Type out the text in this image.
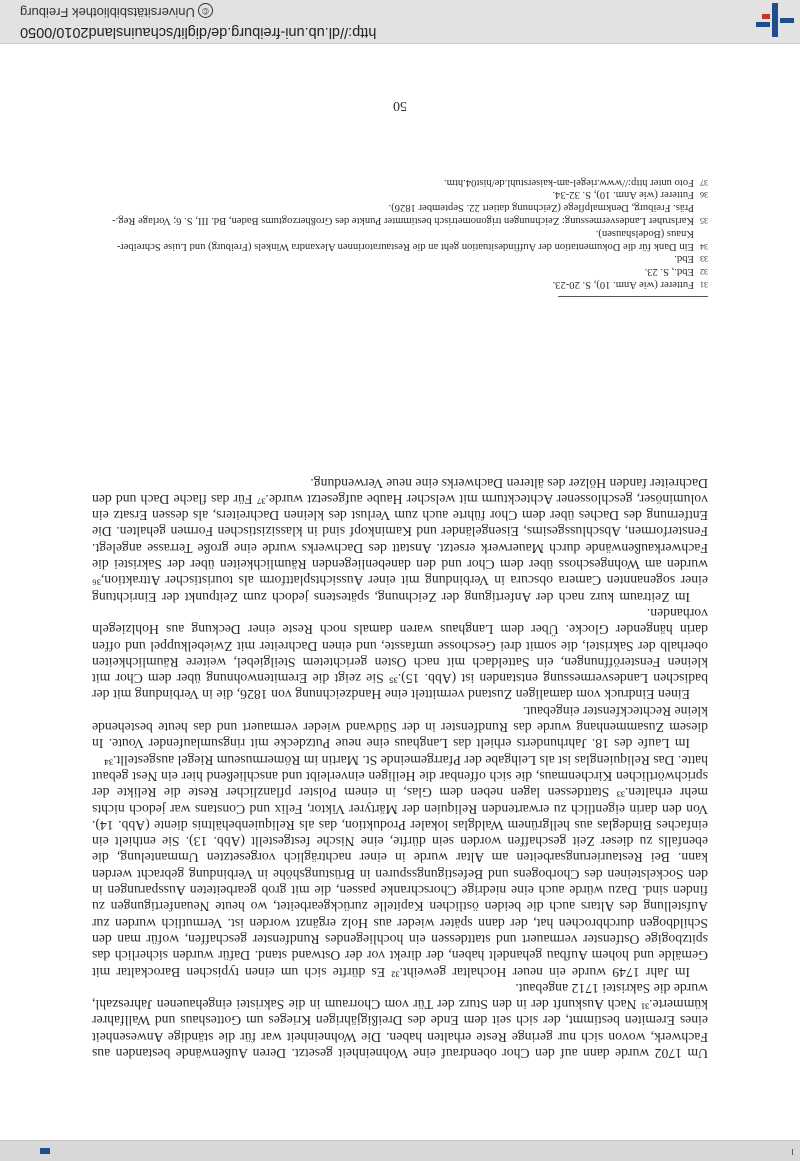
ı

Um 1702 wurde dann auf den Chor obendrauf eine Wohneinheit gesetzt. Deren Außenwände bestanden aus Fachwerk, wovon sich nur geringe Reste erhalten haben. Die Wohneinheit war für die ständige Anwesenheit eines Eremiten bestimmt, der sich seit dem Ende des Dreißigjährigen Krieges um Gotteshaus und Wallfahrer kümmerte.³¹ Nach Auskunft der in den Sturz der Tür vom Chorraum in die Sakristei eingehauenen Jahreszahl, wurde die Sakristei 1712 angebaut.

Im Jahr 1749 wurde ein neuer Hochaltar geweiht.³² Es dürfte sich um einen typischen Barockaltar mit Gemälde und hohem Aufbau gehandelt haben, der direkt vor der Ostwand stand. Dafür wurden sicherlich das spitzbogige Ostfenster vermauert und stattdessen ein hochliegendes Rundfenster geschaffen, wofür man den Schildbogen durchbrochen hat, der dann später wieder aus Holz ergänzt worden ist. Vermutlich wurden zur Aufstellung des Altars auch die beiden östlichen Kapitelle zurückgearbeitet, wo heute Neuanfertigungen zu finden sind. Dazu würde auch eine niedrige Chorschranke passen, die mit grob gearbeiteten Aussparungen in den Sockelsteinen des Chorbogens und Befestigungsspuren in Brüstungshöhe in Verbindung gebracht werden kann. Bei Restaurierungsarbeiten am Altar wurde in einer nachträglich vorgesetzten Ummantelung, die ebenfalls zu dieser Zeit geschaffen worden sein dürfte, eine Nische festgestellt (Abb. 13). Sie enthielt ein einfaches Bindeglas aus hellgrünem Waldglas lokaler Produktion, das als Reliquienbehältnis diente (Abb. 14). Von den darin eigentlich zu erwartenden Reliquien der Märtyrer Viktor, Felix und Constans war jedoch nichts mehr erhalten.³³ Stattdessen lagen neben dem Glas, in einem Polster pflanzlicher Reste die Relikte der sprichwörtlichen Kirchenmaus, die sich offenbar die Heiligen einverleibt und anschließend hier ein Nest gebaut hatte. Das Reliquienglas ist als Leihgabe der Pfarrgemeinde St. Martin im Römermuseum Riegel ausgestellt.³⁴

Im Laufe des 18. Jahrhunderts erhielt das Langhaus eine neue Putzdecke mit ringsumlaufender Voute. In diesem Zusammenhang wurde das Rundfenster in der Südwand wieder vermauert und das heute bestehende kleine Rechteckfenster eingebaut.

Einen Eindruck vom damaligen Zustand vermittelt eine Handzeichnung von 1826, die in Verbindung mit der badischen Landesvermessung entstanden ist (Abb. 15).³⁵ Sie zeigt die Eremitenwohnung über dem Chor mit kleinen Fensteröffnungen, ein Satteldach mit nach Osten gerichtetem Steilgiebel, weitere Räumlichkeiten oberhalb der Sakristei, die somit drei Geschosse umfasste, und einen Dachreiter mit Zwiebelkuppel und offen darin hängender Glocke. Über dem Langhaus waren damals noch Reste einer Deckung aus Hohlziegeln vorhanden.

Im Zeitraum kurz nach der Anfertigung der Zeichnung, spätestens jedoch zum Zeitpunkt der Einrichtung einer sogenannten Camera obscura in Verbindung mit einer Aussichtsplattform als touristischer Attraktion,³⁶ wurden am Wohngeschoss über dem Chor und den danebenliegenden Räumlichkeiten über der Sakristei die Fachwerkaußenwände durch Mauerwerk ersetzt. Anstatt des Dachwerks wurde eine große Terrasse angelegt. Fensterformen, Abschlussgesims, Eisengeländer und Kaminkopf sind in klassizistischen Formen gehalten. Die Entfernung des Daches über dem Chor führte auch zum Verlust des kleinen Dachreiters, als dessen Ersatz ein voluminöser, geschlossener Achteckturm mit welscher Haube aufgesetzt wurde.³⁷ Für das flache Dach und den Dachreiter fanden Hölzer des älteren Dachwerks eine neue Verwendung.

31Futterer (wie Anm. 10), S. 20-23.
32Ebd., S. 23.
33Ebd.
34Ein Dank für die Dokumentation der Auffindesituation geht an die Restauratorinnen Alexandra Winkels (Freiburg) und Luise Schreiber-Knaus (Bodelshausen).
35Karlsruher Landesvermessung: Zeichnungen trigonometrisch bestimmter Punkte des Großherzogtums Baden, Bd. III, S. 6; Vorlage Reg.-Präs. Freiburg, Denkmalpflege (Zeichnung datiert 22. September 1826).
36Futterer (wie Anm. 10), S. 32-34.
37Foto unter http://www.riegel-am-kaiserstuhl.de/hist04.htm.
50
http://dl.ub.uni-freiburg.de/diglit/schauinsland2010/0050
©Universitätsbibliothek Freiburg
